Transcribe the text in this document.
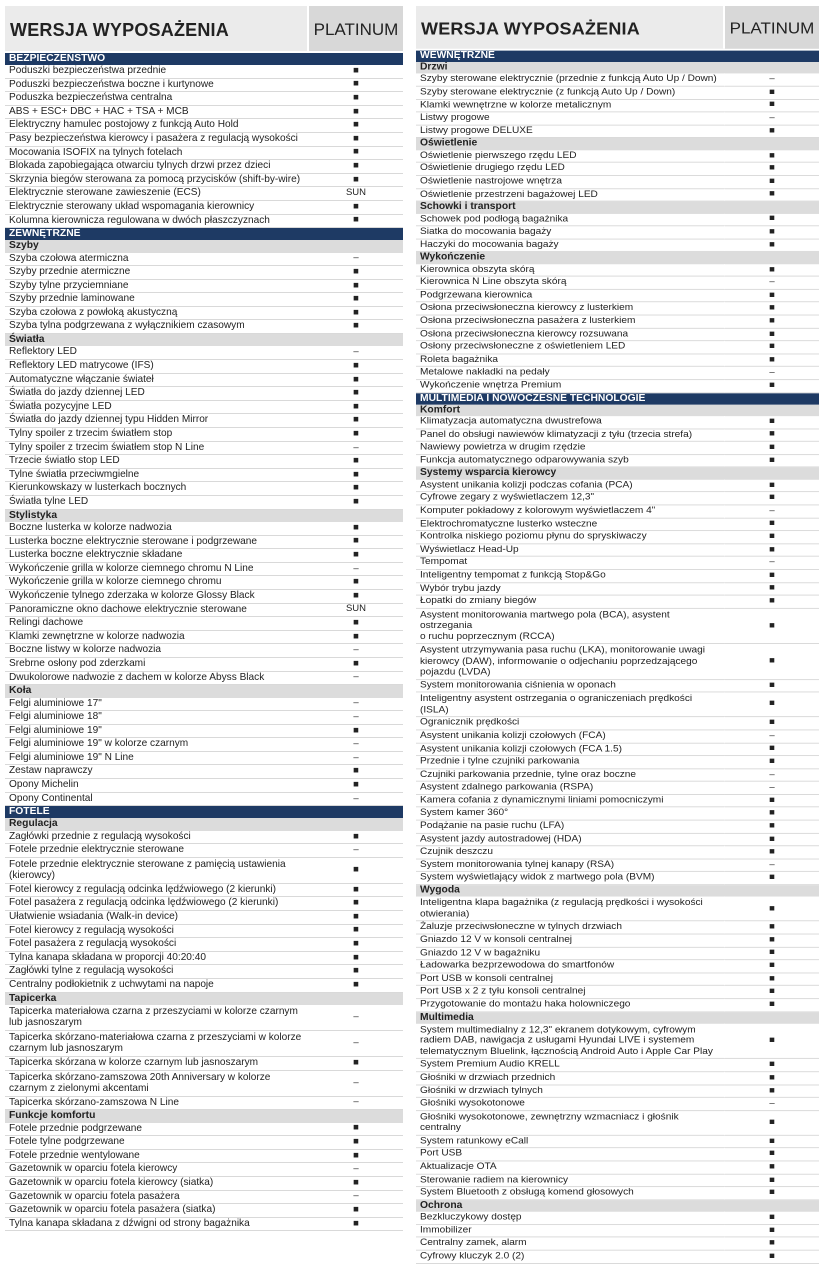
WERSJA WYPOSAŻENIA	PLATINUM
BEZPIECZEŃSTWO
Poduszki bezpieczeństwa przednie	■
Poduszki bezpieczeństwa boczne i kurtynowe	■
Poduszka bezpieczeństwa centralna	■
ABS + ESC+ DBC + HAC + TSA + MCB	■
Elektryczny hamulec postojowy z funkcją Auto Hold	■
Pasy bezpieczeństwa kierowcy i pasażera z regulacją wysokości	■
Mocowania ISOFIX na tylnych fotelach	■
Blokada zapobiegająca otwarciu tylnych drzwi przez dzieci	■
Skrzynia biegów sterowana za pomocą przycisków (shift-by-wire)	■
Elektrycznie sterowane zawieszenie (ECS)	SUN
Elektrycznie sterowany układ wspomagania kierownicy	■
Kolumna kierownicza regulowana w dwóch płaszczyznach	■
ZEWNĘTRZNE
Szyby
Szyba czołowa atermiczna	–
Szyby przednie atermiczne	■
Szyby tylne przyciemniane	■
Szyby przednie laminowane	■
Szyba czołowa z powłoką akustyczną	■
Szyba tylna podgrzewana z wyłącznikiem czasowym	■
Światła
Reflektory LED	–
Reflektory LED matrycowe (IFS)	■
Automatyczne włączanie świateł	■
Światła do jazdy dziennej LED	■
Światła pozycyjne LED	■
Światła do jazdy dziennej typu Hidden Mirror	■
Tylny spoiler z trzecim światłem stop	■
Tylny spoiler z trzecim światłem stop N Line	–
Trzecie światło stop LED	■
Tylne światła przeciwmgielne	■
Kierunkowskazy w lusterkach bocznych	■
Światła tylne LED	■
Stylistyka
Boczne lusterka w kolorze nadwozia	■
Lusterka boczne elektrycznie sterowane i podgrzewane	■
Lusterka boczne elektrycznie składane	■
Wykończenie grilla w kolorze ciemnego chromu N Line	–
Wykończenie grilla w kolorze ciemnego chromu	■
Wykończenie tylnego zderzaka w kolorze Glossy Black	■
Panoramiczne okno dachowe elektrycznie sterowane	SUN
Relingi dachowe	■
Klamki zewnętrzne w kolorze nadwozia	■
Boczne listwy w kolorze nadwozia	–
Srebrne osłony pod zderzkami	■
Dwukolorowe nadwozie z dachem w kolorze Abyss Black	–
Koła
Felgi aluminiowe 17"	–
Felgi aluminiowe 18"	–
Felgi aluminiowe 19"	■
Felgi aluminiowe 19" w kolorze czarnym	–
Felgi aluminiowe 19" N Line	–
Zestaw naprawczy	■
Opony Michelin	■
Opony Continental	–
FOTELE
Regulacja
Zagłówki przednie z regulacją wysokości	■
Fotele przednie elektrycznie sterowane	–
Fotele przednie elektrycznie sterowane z pamięcią ustawienia (kierowcy)
■
Fotel kierowcy z regulacją odcinka lędźwiowego (2 kierunki)	■
Fotel pasażera z regulacją odcinka lędźwiowego (2 kierunki)	■
Ułatwienie wsiadania (Walk-in device)	■
Fotel kierowcy z regulacją wysokości	■
Fotel pasażera z regulacją wysokości	■
Tylna kanapa składana w proporcji 40:20:40	■
Zagłówki tylne z regulacją wysokości	■
Centralny podłokietnik z uchwytami na napoje	■
Tapicerka
Tapicerka materiałowa czarna z przeszyciami w kolorze czarnym lub jasnoszarym
–
Tapicerka skórzano-materiałowa czarna z przeszyciami w kolorze czarnym lub jasnoszarym
–
Tapicerka skórzana w kolorze czarnym lub jasnoszarym	■
Tapicerka skórzano-zamszowa 20th Anniversary w kolorze czarnym z zielonymi akcentami
–
Tapicerka skórzano-zamszowa N Line	–
Funkcje komfortu
Fotele przednie podgrzewane	■
Fotele tylne podgrzewane	■
Fotele przednie wentylowane	■
Gazetownik w oparciu fotela kierowcy	–
Gazetownik w oparciu fotela kierowcy (siatka)	■
Gazetownik w oparciu fotela pasażera	–
Gazetownik w oparciu fotela pasażera (siatka)	■
Tylna kanapa składana z dźwigni od strony bagażnika	■
WERSJA WYPOSAŻENIA	PLATINUM
WEWNĘTRZNE
Drzwi
Szyby sterowane elektrycznie (przednie z funkcją Auto Up / Down)	–
Szyby sterowane elektrycznie (z funkcją Auto Up / Down)	■
Klamki wewnętrzne w kolorze metalicznym	■
Listwy progowe	–
Listwy progowe DELUXE	■
Oświetlenie
Oświetlenie pierwszego rzędu LED	■
Oświetlenie drugiego rzędu LED	■
Oświetlenie nastrojowe wnętrza	■
Oświetlenie przestrzeni bagażowej LED	■
Schowki i transport
Schowek pod podłogą bagażnika	■
Siatka do mocowania bagaży	■
Haczyki do mocowania bagaży	■
Wykończenie
Kierownica obszyta skórą	■
Kierownica N Line obszyta skórą	–
Podgrzewana kierownica	■
Osłona przeciwsłoneczna kierowcy z lusterkiem	■
Osłona przeciwsłoneczna pasażera z lusterkiem	■
Osłona przeciwsłoneczna kierowcy rozsuwana	■
Osłony przeciwsłoneczne z oświetleniem LED	■
Roleta bagażnika	■
Metalowe nakładki na pedały	–
Wykończenie wnętrza Premium	■
MULTIMEDIA I NOWOCZESNE TECHNOLOGIE
Komfort
Klimatyzacja automatyczna dwustrefowa	■
Panel do obsługi nawiewów klimatyzacji z tyłu (trzecia strefa)	■
Nawiewy powietrza w drugim rzędzie	■
Funkcja automatycznego odparowywania szyb	■
Systemy wsparcia kierowcy
Asystent unikania kolizji podczas cofania (PCA)	■
Cyfrowe zegary z wyświetlaczem 12,3"	■
Komputer pokładowy z kolorowym wyświetlaczem 4"	–
Elektrochromatyczne lusterko wsteczne	■
Kontrolka niskiego poziomu płynu do spryskiwaczy	■
Wyświetlacz Head-Up	■
Tempomat	–
Inteligentny tempomat z funkcją Stop&Go	■
Wybór trybu jazdy	■
Łopatki do zmiany biegów	■
Asystent monitorowania martwego pola (BCA), asystent ostrzegania
o ruchu poprzecznym (RCCA)
■
Asystent utrzymywania pasa ruchu (LKA), monitorowanie uwagi kierowcy (DAW), informowanie o odjechaniu poprzedzającego pojazdu (LVDA)
■
System monitorowania ciśnienia w oponach	■
Inteligentny asystent ostrzegania o ograniczeniach prędkości (ISLA)
■
Ogranicznik prędkości	■
Asystent unikania kolizji czołowych (FCA)	–
Asystent unikania kolizji czołowych (FCA 1.5)	■
Przednie i tylne czujniki parkowania	■
Czujniki parkowania przednie, tylne oraz boczne	–
Asystent zdalnego parkowania (RSPA)	–
Kamera cofania z dynamicznymi liniami pomocniczymi	■
System kamer 360°	■
Podążanie na pasie ruchu (LFA)	■
Asystent jazdy autostradowej (HDA)	■
Czujnik deszczu	■
System monitorowania tylnej kanapy (RSA)	–
System wyświetlający widok z martwego pola (BVM)	■
Wygoda
Inteligentna klapa bagażnika (z regulacją prędkości i wysokości otwierania)
■
Żaluzje przeciwsłoneczne w tylnych drzwiach	■
Gniazdo 12 V w konsoli centralnej	■
Gniazdo 12 V w bagażniku	■
Ładowarka bezprzewodowa do smartfonów	■
Port USB w konsoli centralnej	■
Port USB x 2 z tyłu konsoli centralnej	■
Przygotowanie do montażu haka holowniczego	■
Multimedia
System multimedialny z 12,3" ekranem dotykowym, cyfrowym radiem DAB, nawigacja z usługami Hyundai LIVE i systemem telematycznym Bluelink, łącznością Android Auto i Apple Car Play
■
System Premium Audio KRELL	■
Głośniki w drzwiach przednich	■
Głośniki w drzwiach tylnych	■
Głośniki wysokotonowe	–
Głośniki wysokotonowe, zewnętrzny wzmacniacz i głośnik centralny
■
System ratunkowy eCall	■
Port USB	■
Aktualizacje OTA	■
Sterowanie radiem na kierownicy	■
System Bluetooth z obsługą komend głosowych	■
Ochrona
Bezkluczykowy dostęp	■
Immobilizer	■
Centralny zamek, alarm	■
Cyfrowy kluczyk 2.0 (2)	■
